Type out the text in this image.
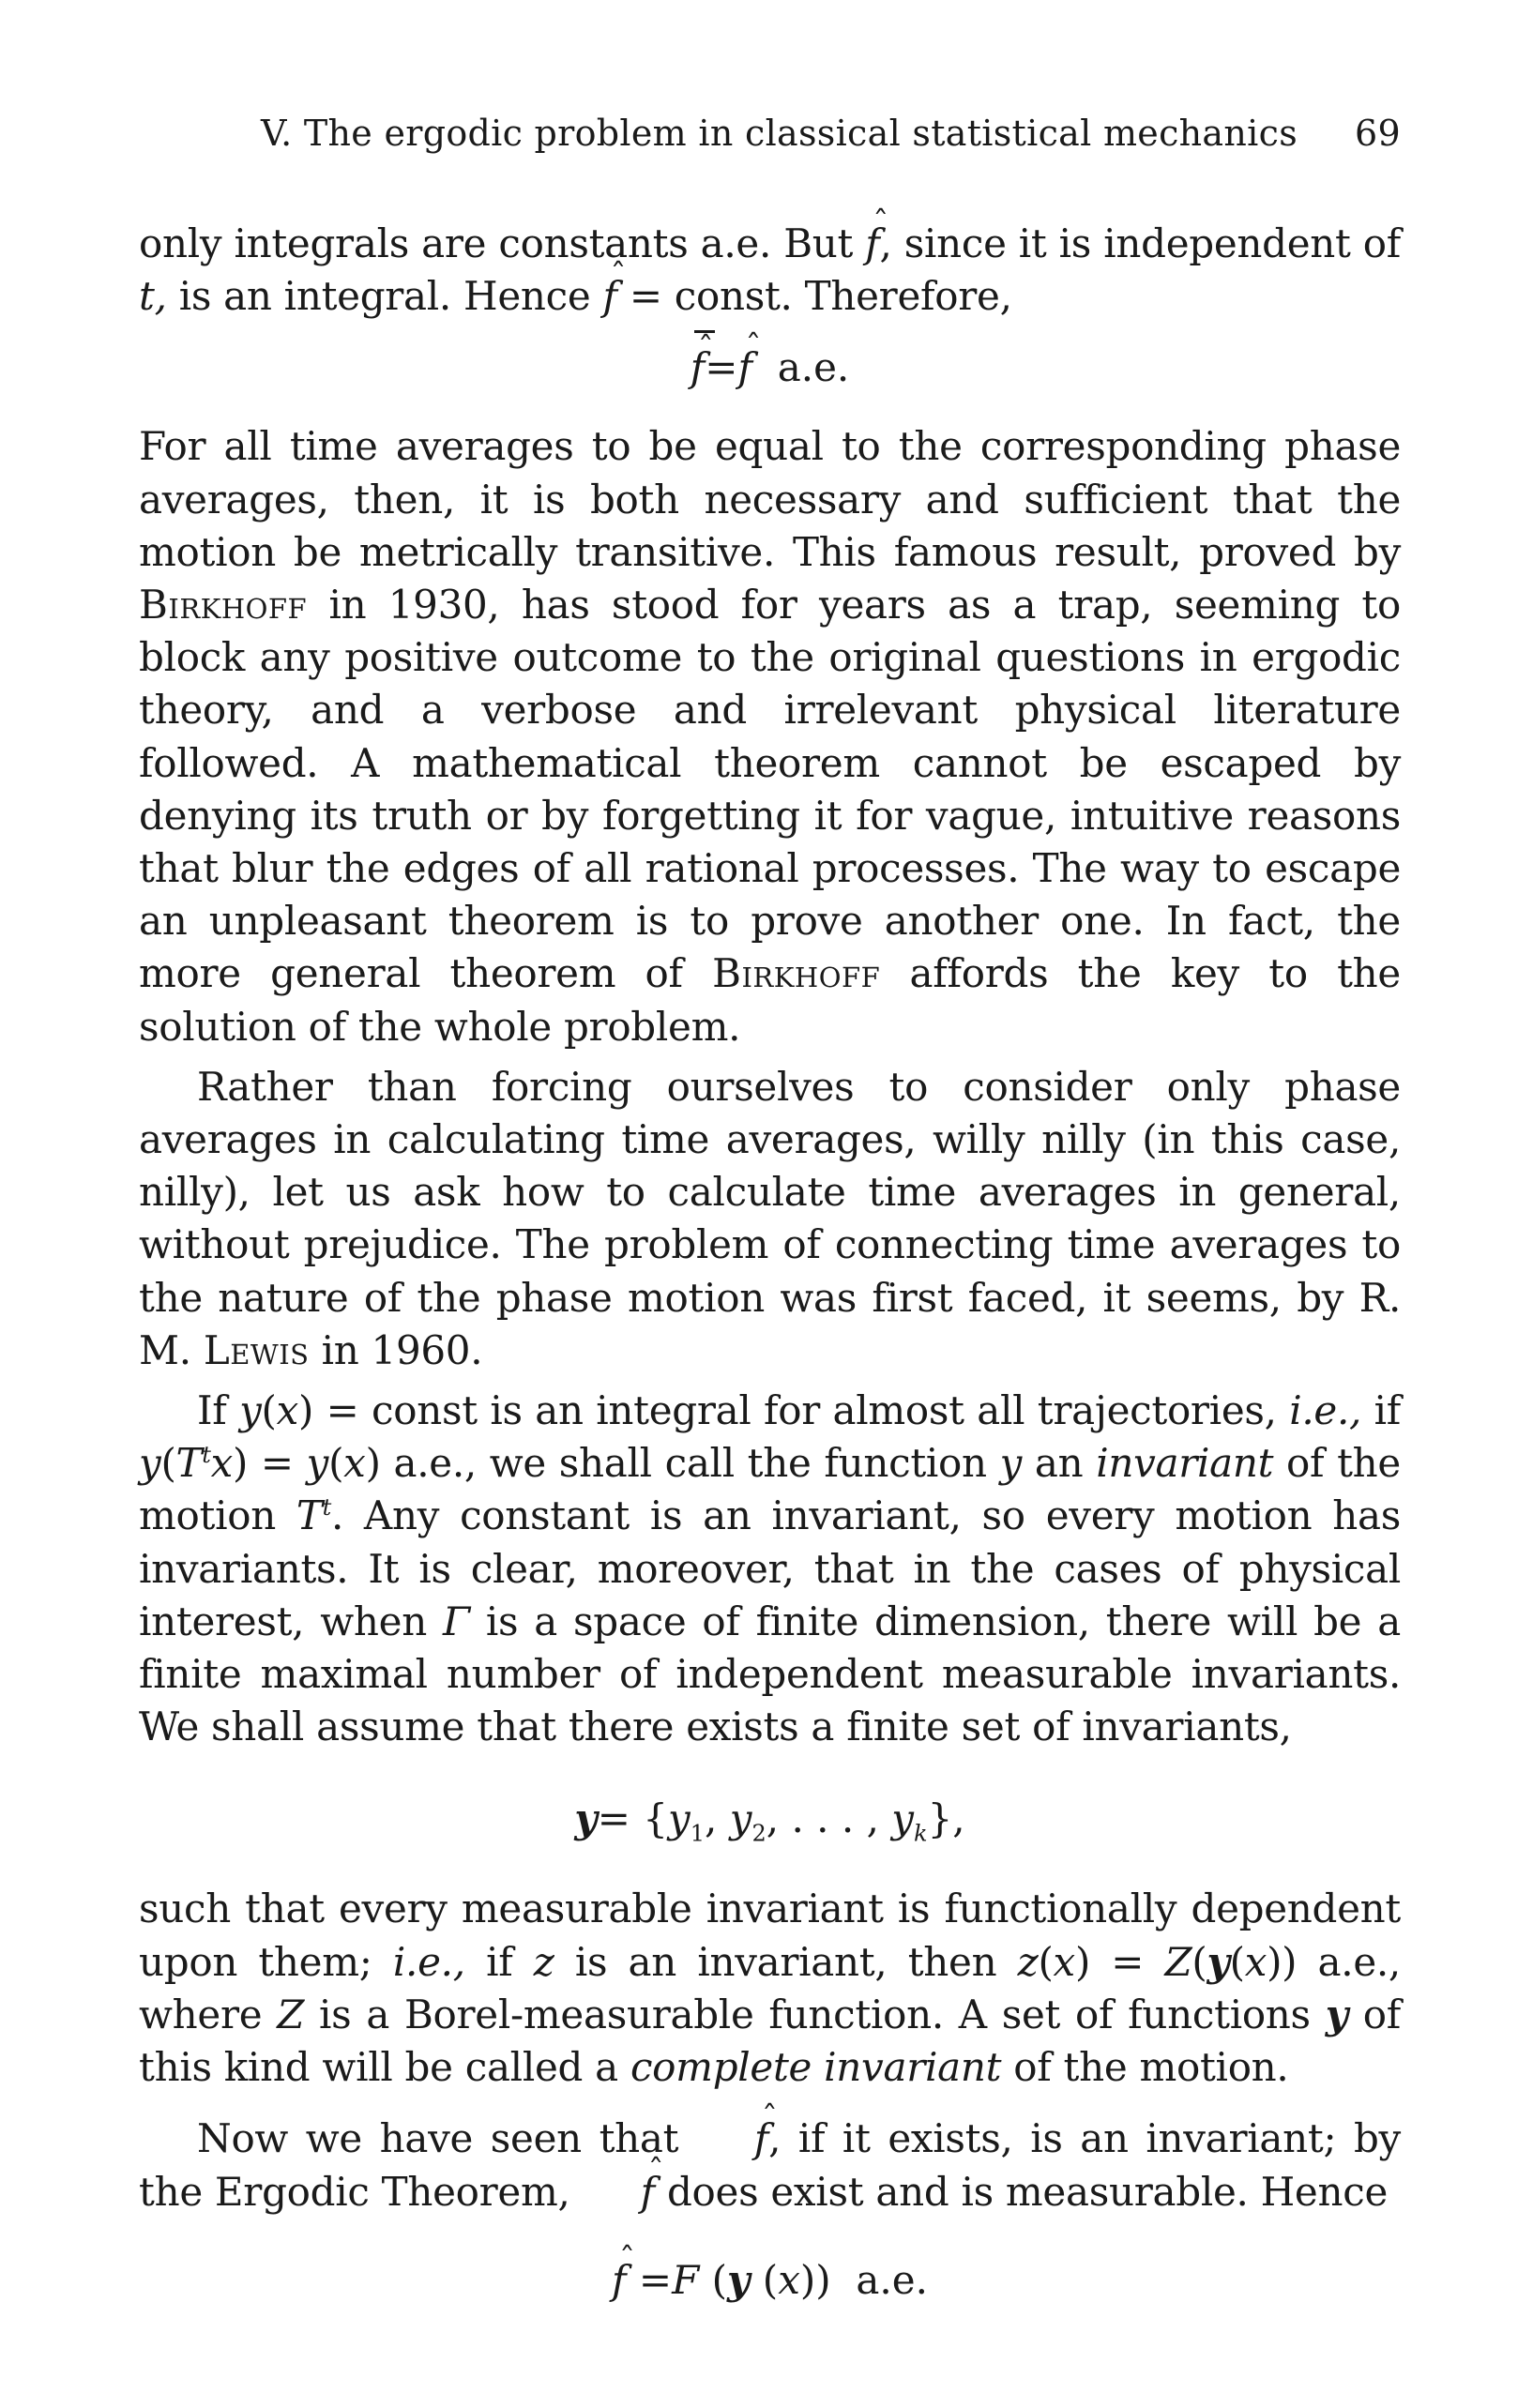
V. The ergodic problem in classical statistical mechanics 69

only integrals are constants a.e. But ˆ f, since it is independent of t, is an integral. Hence ˆ f = const. Therefore,

ˆ f=ˆ f a.e.

For all time averages to be equal to the corresponding phase averages, then, it is both necessary and sufficient that the motion be metrically transitive. This famous result, proved by Birkhoff in 1930, has stood for years as a trap, seeming to block any positive outcome to the original questions in ergodic theory, and a verbose and irrelevant physical literature followed. A mathematical theorem cannot be escaped by denying its truth or by forgetting it for vague, intuitive reasons that blur the edges of all rational processes. The way to escape an unpleasant theorem is to prove another one. In fact, the more general theorem of Birkhoff affords the key to the solution of the whole problem.

Rather than forcing ourselves to consider only phase averages in calculating time averages, willy nilly (in this case, nilly), let us ask how to calculate time averages in general, without prejudice. The problem of connecting time averages to the nature of the phase motion was first faced, it seems, by R. M. Lewis in 1960.

If y(x) = const is an integral for almost all trajectories, i.e., if $y(T^tx) = y(x)$ a.e., we shall call the function y an invariant of the motion $T^t$. Any constant is an invariant, so every motion has invariants. It is clear, moreover, that in the cases of physical interest, when Γ is a space of finite dimension, there will be a finite maximal number of independent measurable invariants. We shall assume that there exists a finite set of invariants,

$y= \{y_1$, $y_2$, . . . , $y_k$},

such that every measurable invariant is functionally dependent upon them; i.e., if z is an invariant, then z(x) = Z(y(x)) a.e., where Z is a Borel-measurable function. A set of functions y of this kind will be called a complete invariant of the motion.

Now we have seen that ˆ f, if it exists, is an invariant; by the Ergodic Theorem, ˆ f does exist and is measurable. Hence

ˆ f =F (y (x)) a.e.
